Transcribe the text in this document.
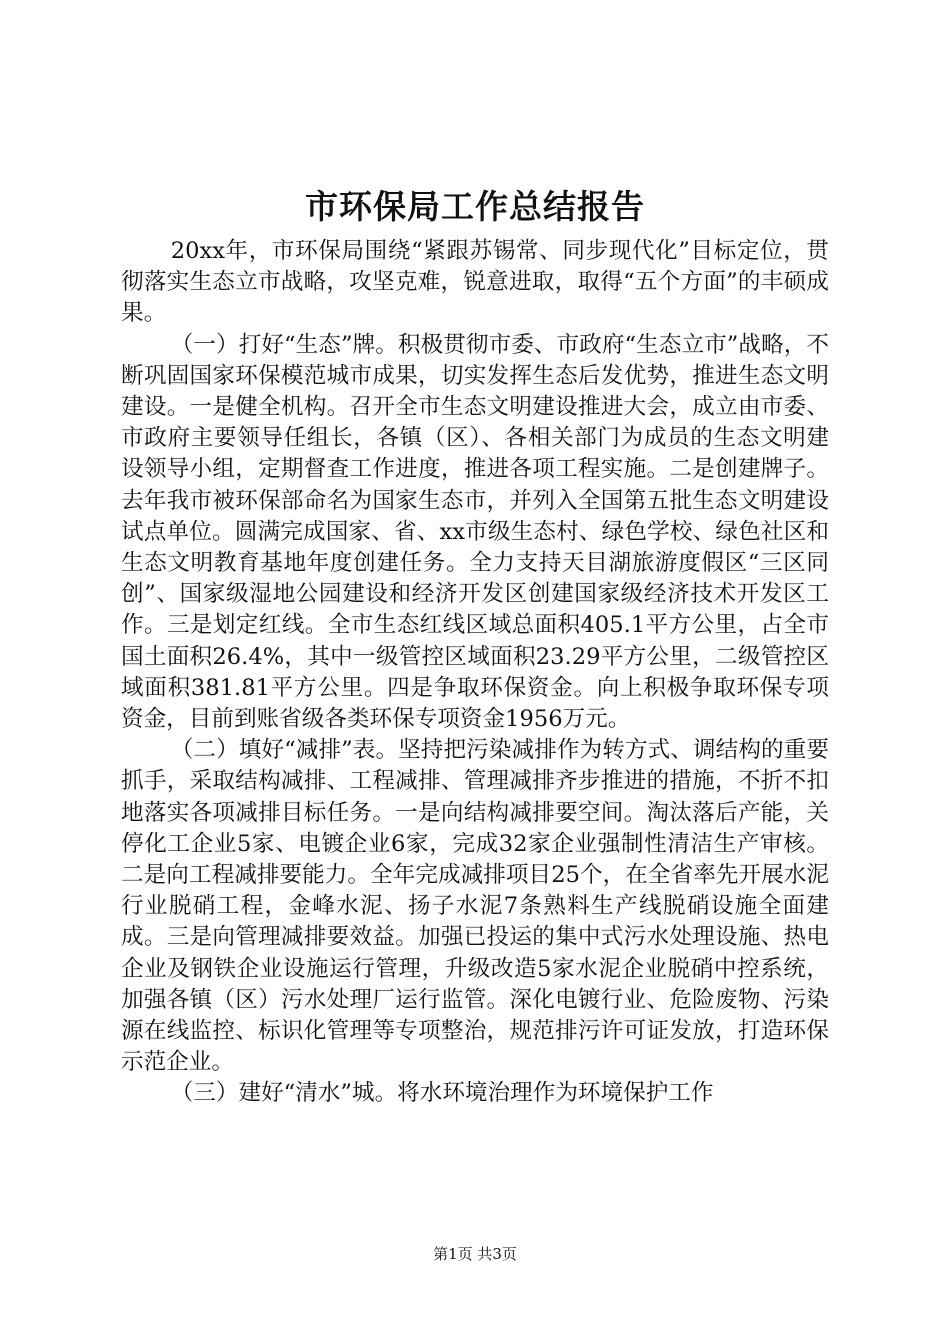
市环保局工作总结报告

20xx年，市环保局围绕“紧跟苏锡常、同步现代化”目标定位，贯彻落实生态立市战略，攻坚克难，锐意进取，取得“五个方面”的丰硕成果。

（一）打好“生态”牌。积极贯彻市委、市政府“生态立市”战略，不断巩固国家环保模范城市成果，切实发挥生态后发优势，推进生态文明建设。一是健全机构。召开全市生态文明建设推进大会，成立由市委、市政府主要领导任组长，各镇（区）、各相关部门为成员的生态文明建设领导小组，定期督查工作进度，推进各项工程实施。二是创建牌子。去年我市被环保部命名为国家生态市，并列入全国第五批生态文明建设试点单位。圆满完成国家、省、xx市级生态村、绿色学校、绿色社区和生态文明教育基地年度创建任务。全力支持天目湖旅游度假区“三区同创”、国家级湿地公园建设和经济开发区创建国家级经济技术开发区工作。三是划定红线。全市生态红线区域总面积405.1平方公里，占全市国土面积26.4%，其中一级管控区域面积23.29平方公里，二级管控区域面积381.81平方公里。四是争取环保资金。向上积极争取环保专项资金，目前到账省级各类环保专项资金1956万元。

（二）填好“减排”表。坚持把污染减排作为转方式、调结构的重要抓手，采取结构减排、工程减排、管理减排齐步推进的措施，不折不扣地落实各项减排目标任务。一是向结构减排要空间。淘汰落后产能，关停化工企业5家、电镀企业6家，完成32家企业强制性清洁生产审核。二是向工程减排要能力。全年完成减排项目25个，在全省率先开展水泥行业脱硝工程，金峰水泥、扬子水泥7条熟料生产线脱硝设施全面建成。三是向管理减排要效益。加强已投运的集中式污水处理设施、热电企业及钢铁企业设施运行管理，升级改造5家水泥企业脱硝中控系统，加强各镇（区）污水处理厂运行监管。深化电镀行业、危险废物、污染源在线监控、标识化管理等专项整治，规范排污许可证发放，打造环保示范企业。

（三）建好“清水”城。将水环境治理作为环境保护工作

第1页 共3页
